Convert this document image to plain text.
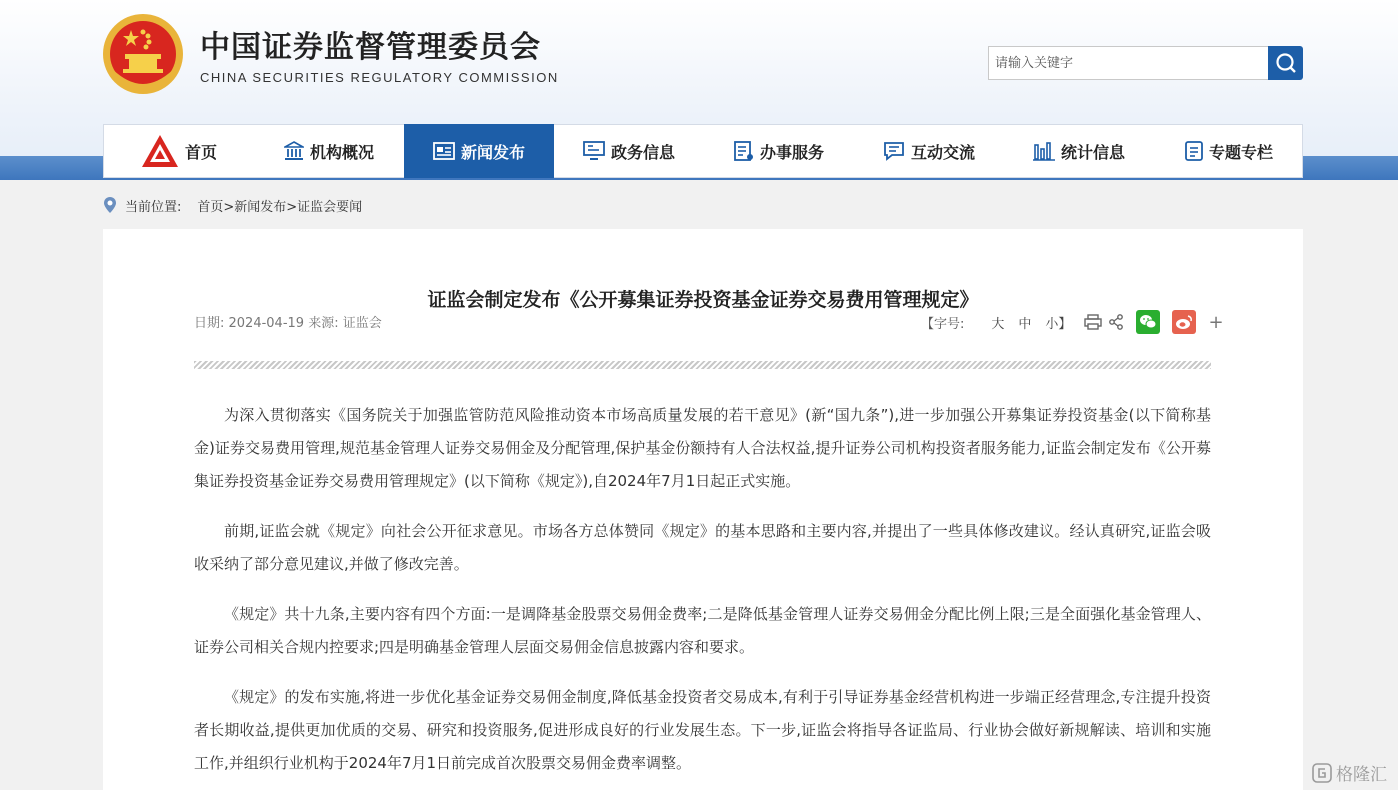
中国证券监督管理委员会
CHINA SECURITIES REGULATORY COMMISSION
请输入关键字
首页	机构概况	新闻发布	政务信息	办事服务	互动交流	统计信息	专题专栏
当前位置: 首页>新闻发布>证监会要闻
证监会制定发布《公开募集证券投资基金证券交易费用管理规定》
日期: 2024-04-19 来源: 证监会	【字号: 大 中 小】	+

为深入贯彻落实《国务院关于加强监管防范风险推动资本市场高质量发展的若干意见》(新“国九条”),进一步加强公开募集证券投资基金(以下简称基金)证券交易费用管理,规范基金管理人证券交易佣金及分配管理,保护基金份额持有人合法权益,提升证券公司机构投资者服务能力,证监会制定发布《公开募集证券投资基金证券交易费用管理规定》(以下简称《规定》),自2024年7月1日起正式实施。

前期,证监会就《规定》向社会公开征求意见。市场各方总体赞同《规定》的基本思路和主要内容,并提出了一些具体修改建议。经认真研究,证监会吸收采纳了部分意见建议,并做了修改完善。

《规定》共十九条,主要内容有四个方面:一是调降基金股票交易佣金费率;二是降低基金管理人证券交易佣金分配比例上限;三是全面强化基金管理人、证券公司相关合规内控要求;四是明确基金管理人层面交易佣金信息披露内容和要求。

《规定》的发布实施,将进一步优化基金证券交易佣金制度,降低基金投资者交易成本,有利于引导证券基金经营机构进一步端正经营理念,专注提升投资者长期收益,提供更加优质的交易、研究和投资服务,促进形成良好的行业发展生态。下一步,证监会将指导各证监局、行业协会做好新规解读、培训和实施工作,并组织行业机构于2024年7月1日前完成首次股票交易佣金费率调整。

格隆汇
